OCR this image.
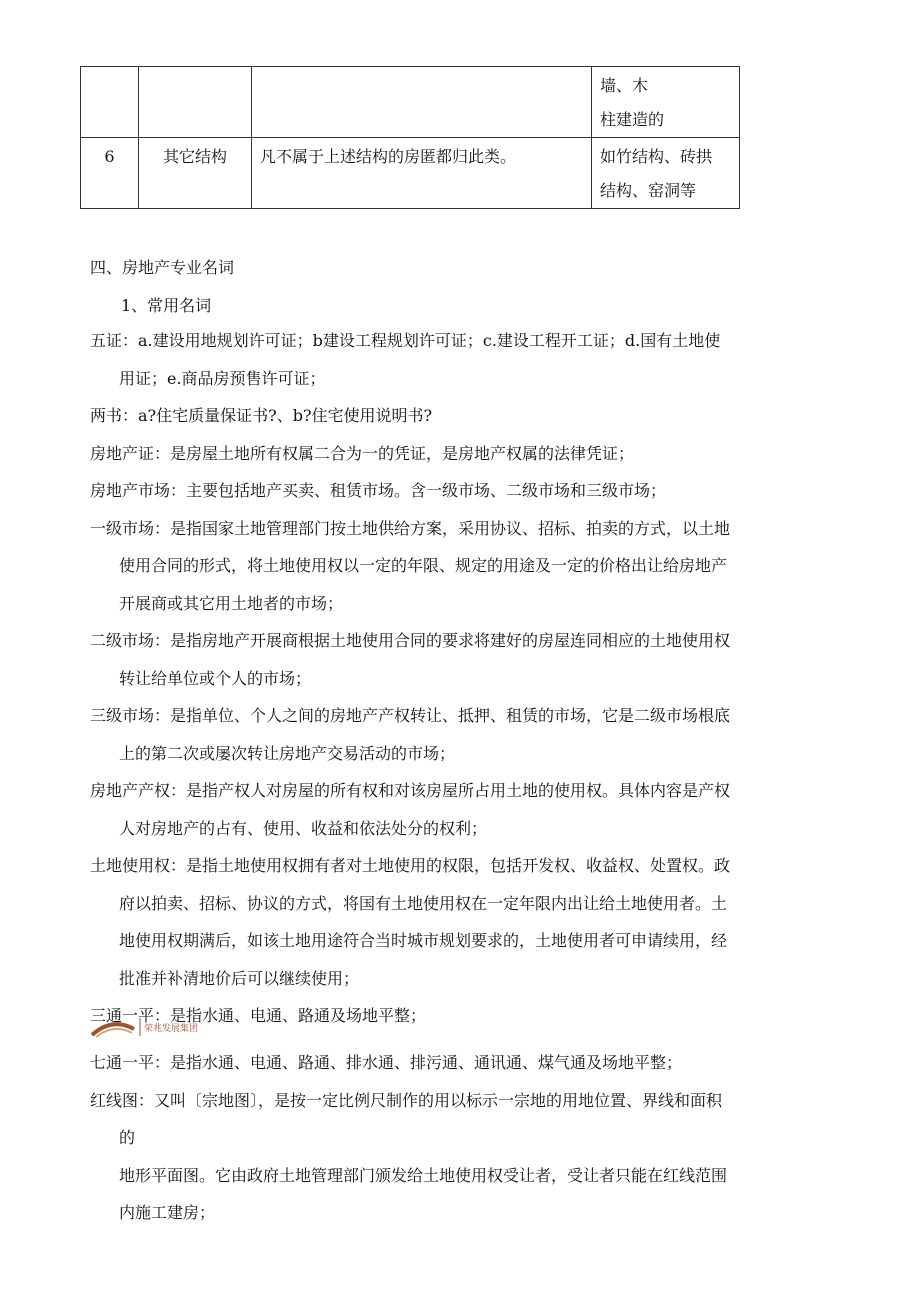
			墙、木
柱建造的

6	其它结构	凡不属于上述结构的房匿都归此类。	如竹结构、砖拱
结构、窑洞等
四、房地产专业名词
1、常用名词
五证：a.建设用地规划许可证；b建设工程规划许可证；c.建设工程开工证；d.国有土地使
用证；e.商品房预售许可证；
两书：a?住宅质量保证书?、b?住宅使用说明书?
房地产证：是房屋土地所有权属二合为一的凭证，是房地产权属的法律凭证；
房地产市场：主要包括地产买卖、租赁市场。含一级市场、二级市场和三级市场；
一级市场：是指国家土地管理部门按土地供给方案，采用协议、招标、拍卖的方式，以土地
使用合同的形式，将土地使用权以一定的年限、规定的用途及一定的价格出让给房地产
开展商或其它用土地者的市场；
二级市场：是指房地产开展商根据土地使用合同的要求将建好的房屋连同相应的土地使用权
转让给单位或个人的市场；
三级市场：是指单位、个人之间的房地产产权转让、抵押、租赁的市场，它是二级市场根底
上的第二次或屡次转让房地产交易活动的市场；
房地产产权：是指产权人对房屋的所有权和对该房屋所占用土地的使用权。具体内容是产权
人对房地产的占有、使用、收益和依法处分的权利；
土地使用权：是指土地使用权拥有者对土地使用的权限，包括开发权、收益权、处置权。政
府以拍卖、招标、协议的方式，将国有土地使用权在一定年限内出让给土地使用者。土
地使用权期满后，如该土地用途符合当时城市规划要求的，土地使用者可申请续用，经
批准并补清地价后可以继续使用；
三通一平：是指水通、电通、路通及场地平整；
荣兆发展集团
七通一平：是指水通、电通、路通、排水通、排污通、通讯通、煤气通及场地平整；
红线图：又叫〔宗地图〕，是按一定比例尺制作的用以标示一宗地的用地位置、界线和面积
的
地形平面图。它由政府土地管理部门颁发给土地使用权受让者，受让者只能在红线范围
内施工建房；
